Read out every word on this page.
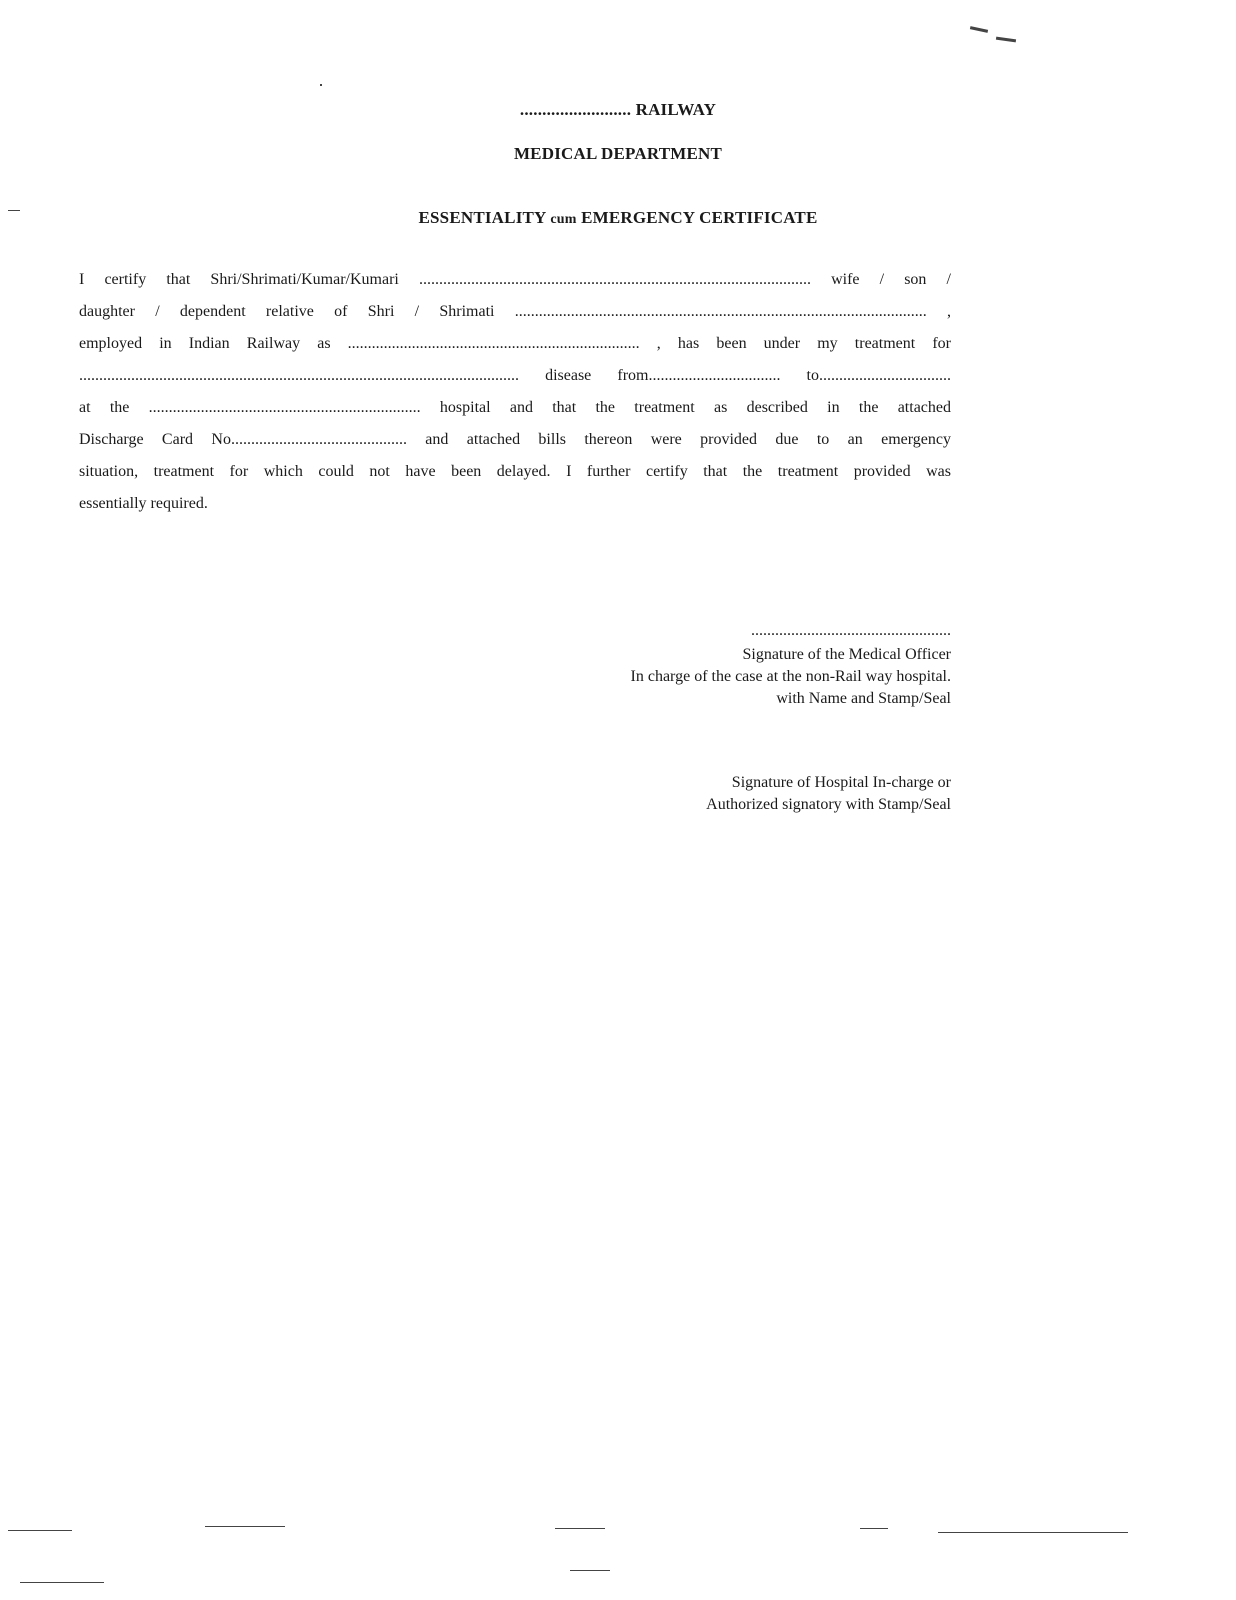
......................... RAILWAY
MEDICAL DEPARTMENT
ESSENTIALITY cum EMERGENCY CERTIFICATE
I certify that Shri/Shrimati/Kumar/Kumari .................................................................................................. wife / son /
daughter / dependent relative of Shri / Shrimati ....................................................................................................... ,
employed in Indian Railway as ......................................................................... , has been under my treatment for
.............................................................................................................. disease from................................. to.................................
at the .................................................................... hospital and that the treatment as described in the attached
Discharge Card No............................................ and attached bills thereon were provided due to an emergency
situation, treatment for which could not have been delayed. I further certify that the treatment provided was
essentially required.
..................................................
Signature of the Medical Officer
In charge of the case at the non-Rail way hospital.
with Name and Stamp/Seal
Signature of Hospital In-charge or
Authorized signatory with Stamp/Seal
